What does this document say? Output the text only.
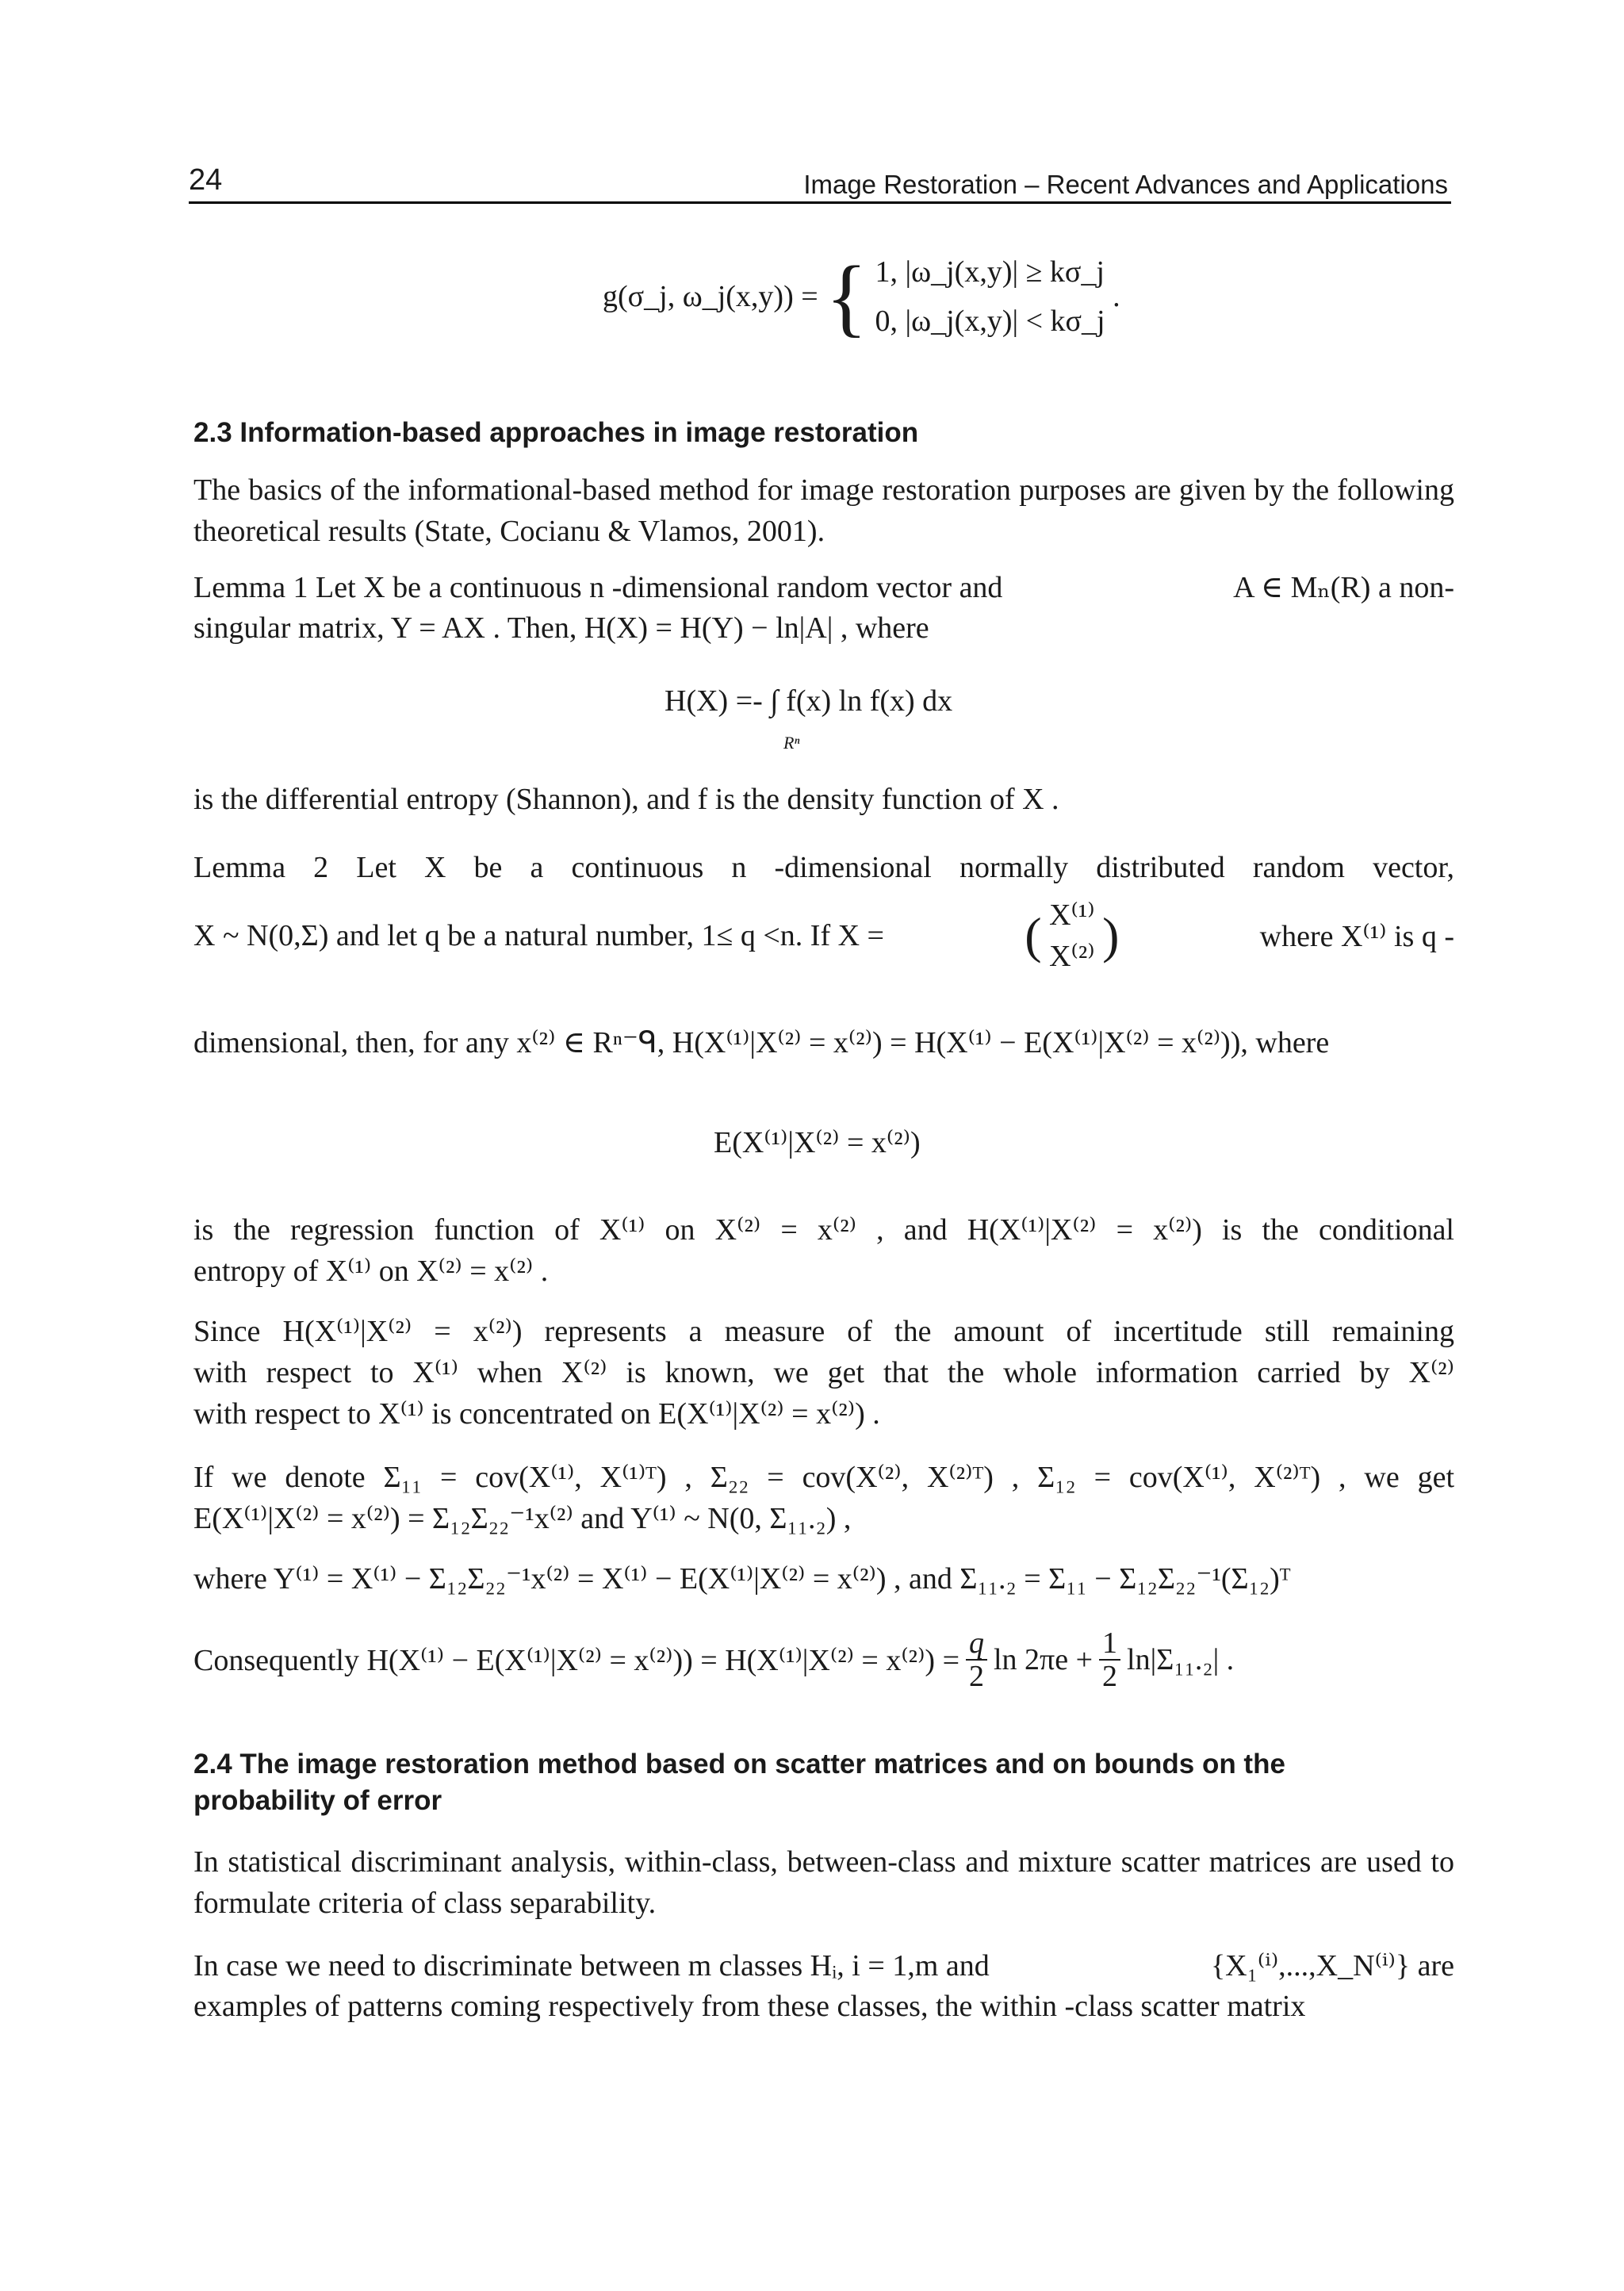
24	Image Restoration – Recent Advances and Applications
g(σ_j, ω_j(x,y)) = { 1, |ω_j(x,y)| ≥ kσ_j
0, |ω_j(x,y)| < kσ_j
.
2.3 Information-based approaches in image restoration
The basics of the informational-based method for image restoration purposes are given by the following theoretical results (State, Cocianu & Vlamos, 2001).
Lemma 1 Let X be a continuous n -dimensional random vector and	A ∈ Mₙ(R) a non-
singular matrix, Y = AX . Then, H(X) = H(Y) − ln|A| , where
H(X) =- ∫ f(x) ln f(x) dx
Rⁿ
is the differential entropy (Shannon), and f is the density function of X .
Lemma 2 Let X be a continuous n -dimensional normally distributed random vector,
X ~ N(0,Σ) and let q be a natural number, 1≤ q <n. If X =	( X⁽¹⁾
X⁽²⁾ )	where X⁽¹⁾ is q -
dimensional, then, for any x⁽²⁾ ∈ Rⁿ⁻ᑫ, H(X⁽¹⁾|X⁽²⁾ = x⁽²⁾) = H(X⁽¹⁾ − E(X⁽¹⁾|X⁽²⁾ = x⁽²⁾)), where
E(X⁽¹⁾|X⁽²⁾ = x⁽²⁾)
is the regression function of X⁽¹⁾ on X⁽²⁾ = x⁽²⁾ , and H(X⁽¹⁾|X⁽²⁾ = x⁽²⁾) is the conditional
entropy of X⁽¹⁾ on X⁽²⁾ = x⁽²⁾ .
Since H(X⁽¹⁾|X⁽²⁾ = x⁽²⁾) represents a measure of the amount of incertitude still remaining
with respect to X⁽¹⁾ when X⁽²⁾ is known, we get that the whole information carried by X⁽²⁾
with respect to X⁽¹⁾ is concentrated on E(X⁽¹⁾|X⁽²⁾ = x⁽²⁾) .
If we denote Σ₁₁ = cov(X⁽¹⁾, X⁽¹⁾ᵀ) , Σ₂₂ = cov(X⁽²⁾, X⁽²⁾ᵀ) , Σ₁₂ = cov(X⁽¹⁾, X⁽²⁾ᵀ) , we get
E(X⁽¹⁾|X⁽²⁾ = x⁽²⁾) = Σ₁₂Σ₂₂⁻¹x⁽²⁾ and Y⁽¹⁾ ~ N(0, Σ₁₁.₂) ,
where Y⁽¹⁾ = X⁽¹⁾ − Σ₁₂Σ₂₂⁻¹x⁽²⁾ = X⁽¹⁾ − E(X⁽¹⁾|X⁽²⁾ = x⁽²⁾) , and Σ₁₁.₂ = Σ₁₁ − Σ₁₂Σ₂₂⁻¹(Σ₁₂)ᵀ
Consequently $H(X^{(1)} - E(X^{(1)}|X^{(2)} = x^{(2)})) = H(X^{(1)}|X^{(2)} = x^{(2)}) = \frac{q}{2}$ $\ln 2\pi e + \frac{1}{2} \ln|\Sigma_{11}._2|$ .
2.4 The image restoration method based on scatter matrices and on bounds on the probability of error
In statistical discriminant analysis, within-class, between-class and mixture scatter matrices are used to formulate criteria of class separability.
In case we need to discriminate between m classes Hᵢ, i = 1,m and	{X₁⁽ⁱ⁾,...,X_N⁽ⁱ⁾} are
examples of patterns coming respectively from these classes, the within -class scatter matrix
